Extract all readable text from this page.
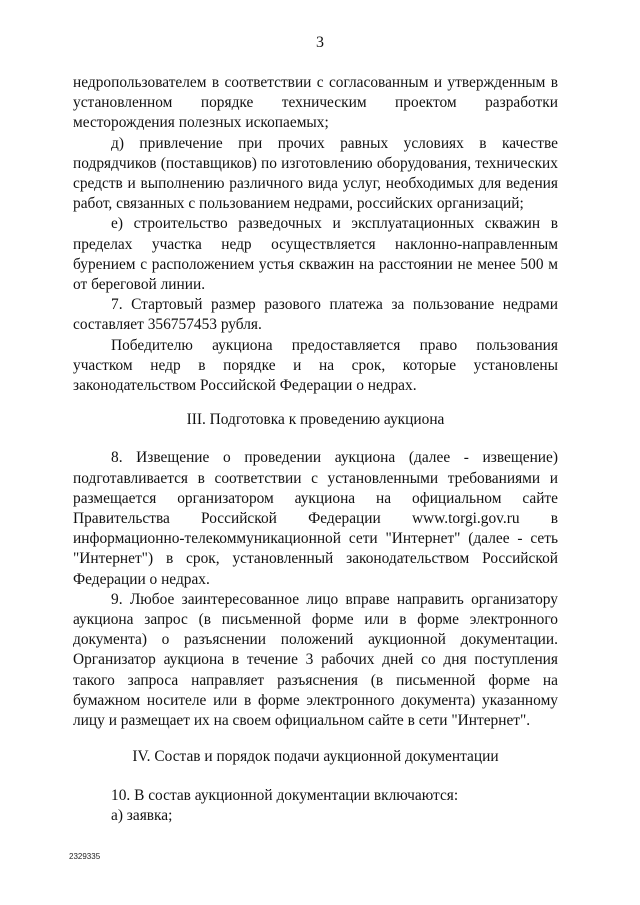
3

недропользователем в соответствии с согласованным и утвержденным в установленном порядке техническим проектом разработки месторождения полезных ископаемых;

д) привлечение при прочих равных условиях в качестве подрядчиков (поставщиков) по изготовлению оборудования, технических средств и выполнению различного вида услуг, необходимых для ведения работ, связанных с пользованием недрами, российских организаций;

е) строительство разведочных и эксплуатационных скважин в пределах участка недр осуществляется наклонно-направленным бурением с расположением устья скважин на расстоянии не менее 500 м от береговой линии.

7. Стартовый размер разового платежа за пользование недрами составляет 356757453 рубля.

Победителю аукциона предоставляется право пользования участком недр в порядке и на срок, которые установлены законодательством Российской Федерации о недрах.

III. Подготовка к проведению аукциона

8. Извещение о проведении аукциона (далее - извещение) подготавливается в соответствии с установленными требованиями и размещается организатором аукциона на официальном сайте Правительства Российской Федерации www.torgi.gov.ru в информационно-телекоммуникационной сети "Интернет" (далее - сеть "Интернет") в срок, установленный законодательством Российской Федерации о недрах.

9. Любое заинтересованное лицо вправе направить организатору аукциона запрос (в письменной форме или в форме электронного документа) о разъяснении положений аукционной документации. Организатор аукциона в течение 3 рабочих дней со дня поступления такого запроса направляет разъяснения (в письменной форме на бумажном носителе или в форме электронного документа) указанному лицу и размещает их на своем официальном сайте в сети "Интернет".

IV. Состав и порядок подачи аукционной документации

10. В состав аукционной документации включаются:

а) заявка;

2329335
